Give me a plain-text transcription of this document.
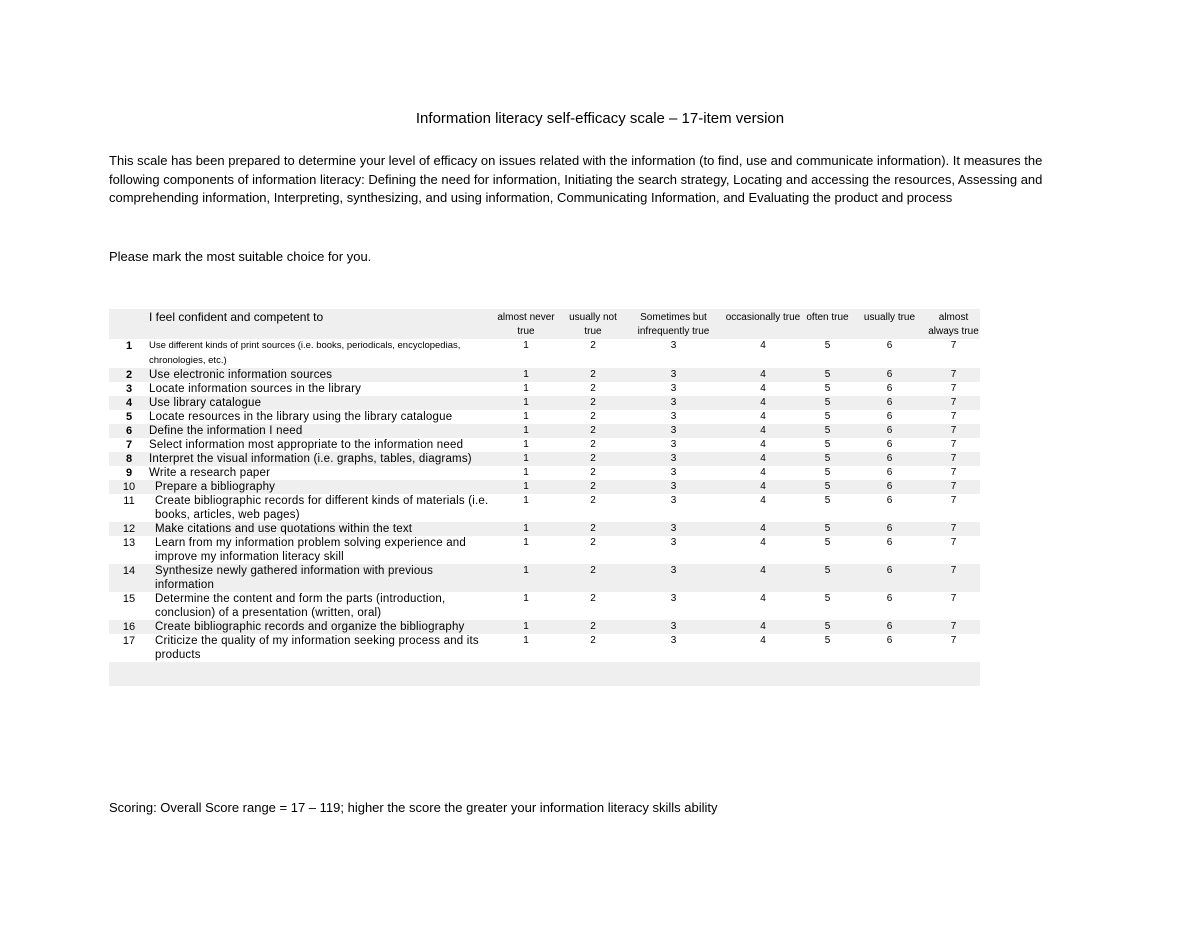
Information literacy self-efficacy scale – 17-item version
This scale has been prepared to determine your level of efficacy on issues related with the information (to find, use and communicate information). It measures the following components of information literacy: Defining the need for information, Initiating the search strategy, Locating and accessing the resources, Assessing and comprehending information, Interpreting, synthesizing, and using information, Communicating Information, and Evaluating the product and process
Please mark the most suitable choice for you.
	I feel confident and competent to	almost never true	usually not true	Sometimes but infrequently true	occasionally true	often true	usually true	almost always true
1	Use different kinds of print sources (i.e. books, periodicals, encyclopedias, chronologies, etc.)	1	2	3	4	5	6	7
2	Use electronic information sources	1	2	3	4	5	6	7
3	Locate information sources in the library	1	2	3	4	5	6	7
4	Use library catalogue	1	2	3	4	5	6	7
5	Locate resources in the library using the library catalogue	1	2	3	4	5	6	7
6	Define the information I need	1	2	3	4	5	6	7
7	Select information most appropriate to the information need	1	2	3	4	5	6	7
8	Interpret the visual information (i.e. graphs, tables, diagrams)	1	2	3	4	5	6	7
9	Write a research paper	1	2	3	4	5	6	7
10	Prepare a bibliography	1	2	3	4	5	6	7
11	Create bibliographic records for different kinds of materials (i.e. books, articles, web pages)	1	2	3	4	5	6	7
12	Make citations and use quotations within the text	1	2	3	4	5	6	7
13	Learn from my information problem solving experience and improve my information literacy skill	1	2	3	4	5	6	7
14	Synthesize newly gathered information with previous information	1	2	3	4	5	6	7
15	Determine the content and form the parts (introduction, conclusion) of a presentation (written, oral)	1	2	3	4	5	6	7
16	Create bibliographic records and organize the bibliography	1	2	3	4	5	6	7
17	Criticize the quality of my information seeking process and its products	1	2	3	4	5	6	7

Scoring: Overall Score range = 17 – 119; higher the score the greater your information literacy skills ability
